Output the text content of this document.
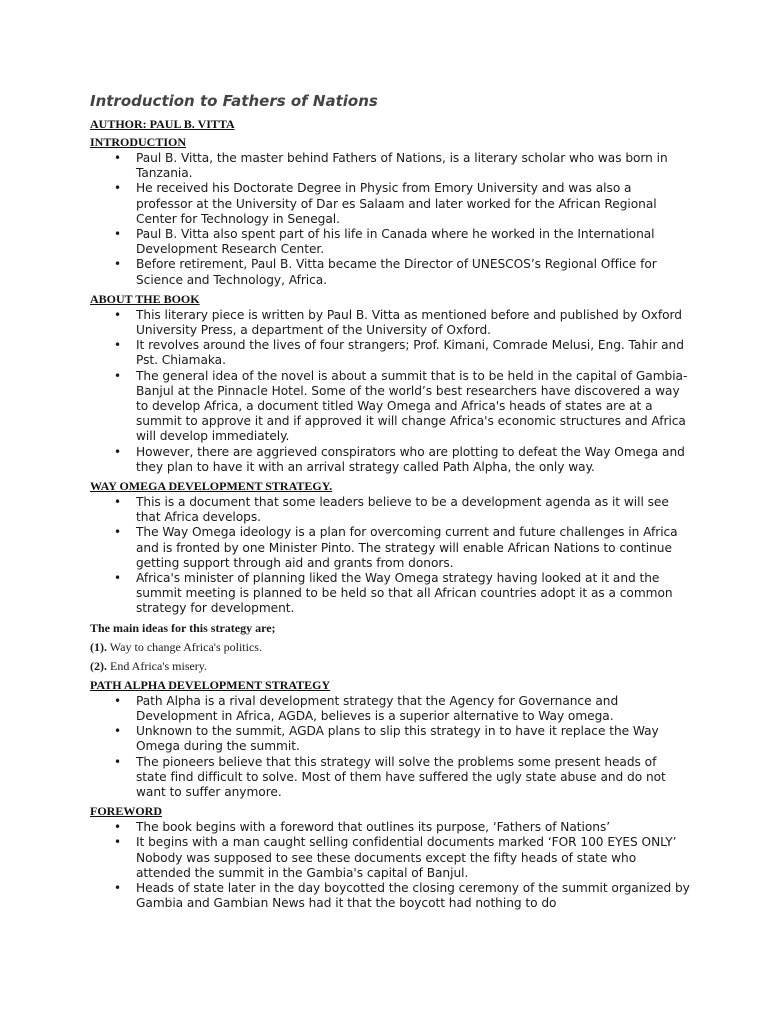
Introduction to Fathers of Nations

AUTHOR: PAUL B. VITTA

INTRODUCTION

• Paul B. Vitta, the master behind Fathers of Nations, is a literary scholar who was born in Tanzania.
• He received his Doctorate Degree in Physic from Emory University and was also a professor at the University of Dar es Salaam and later worked for the African Regional Center for Technology in Senegal.
• Paul B. Vitta also spent part of his life in Canada where he worked in the International Development Research Center.
• Before retirement, Paul B. Vitta became the Director of UNESCOS’s Regional Office for Science and Technology, Africa.

ABOUT THE BOOK

• This literary piece is written by Paul B. Vitta as mentioned before and published by Oxford University Press, a department of the University of Oxford.
• It revolves around the lives of four strangers; Prof. Kimani, Comrade Melusi, Eng. Tahir and Pst. Chiamaka.
• The general idea of the novel is about a summit that is to be held in the capital of Gambia-Banjul at the Pinnacle Hotel. Some of the world’s best researchers have discovered a way to develop Africa, a document titled Way Omega and Africa's heads of states are at a summit to approve it and if approved it will change Africa's economic structures and Africa will develop immediately.
• However, there are aggrieved conspirators who are plotting to defeat the Way Omega and they plan to have it with an arrival strategy called Path Alpha, the only way.

WAY OMEGA DEVELOPMENT STRATEGY.

• This is a document that some leaders believe to be a development agenda as it will see that Africa develops.
• The Way Omega ideology is a plan for overcoming current and future challenges in Africa and is fronted by one Minister Pinto. The strategy will enable African Nations to continue getting support through aid and grants from donors.
• Africa's minister of planning liked the Way Omega strategy having looked at it and the summit meeting is planned to be held so that all African countries adopt it as a common strategy for development.

The main ideas for this strategy are;

(1). Way to change Africa's politics.

(2). End Africa's misery.

PATH ALPHA DEVELOPMENT STRATEGY

• Path Alpha is a rival development strategy that the Agency for Governance and Development in Africa, AGDA, believes is a superior alternative to Way omega.
• Unknown to the summit, AGDA plans to slip this strategy in to have it replace the Way Omega during the summit.
• The pioneers believe that this strategy will solve the problems some present heads of state find difficult to solve. Most of them have suffered the ugly state abuse and do not want to suffer anymore.

FOREWORD

• The book begins with a foreword that outlines its purpose, ‘Fathers of Nations’
• It begins with a man caught selling confidential documents marked ‘FOR 100 EYES ONLY’ Nobody was supposed to see these documents except the fifty heads of state who attended the summit in the Gambia's capital of Banjul.
• Heads of state later in the day boycotted the closing ceremony of the summit organized by Gambia and Gambian News had it that the boycott had nothing to do
